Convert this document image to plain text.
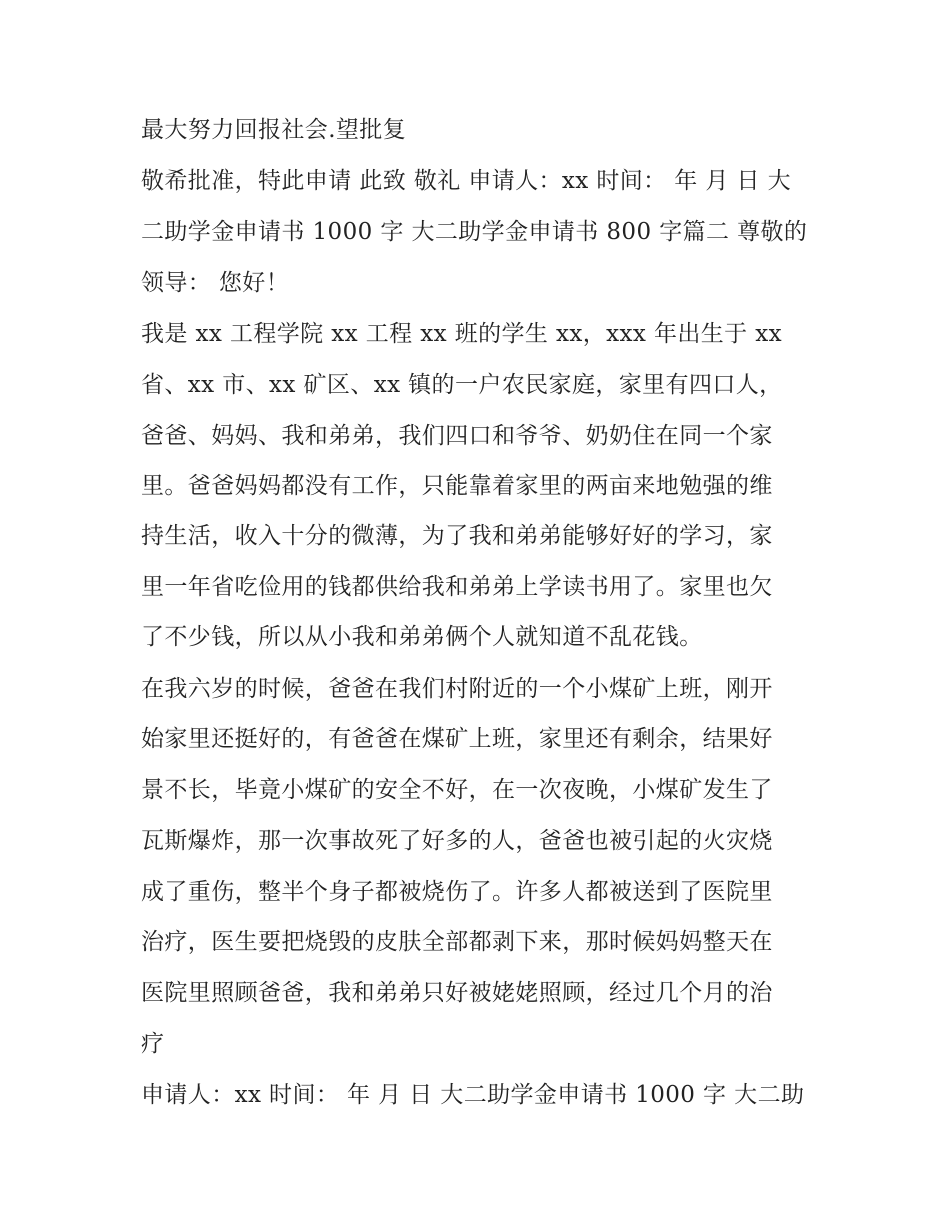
最大努力回报社会.望批复
敬希批准，特此申请 此致 敬礼 申请人：xx 时间： 年 月 日 大
二助学金申请书 1000 字 大二助学金申请书 800 字篇二 尊敬的
领导： 您好！
我是 xx 工程学院 xx 工程 xx 班的学生 xx，xxx 年出生于 xx
省、xx 市、xx 矿区、xx 镇的一户农民家庭，家里有四口人，
爸爸、妈妈、我和弟弟，我们四口和爷爷、奶奶住在同一个家
里。爸爸妈妈都没有工作，只能靠着家里的两亩来地勉强的维
持生活，收入十分的微薄，为了我和弟弟能够好好的学习，家
里一年省吃俭用的钱都供给我和弟弟上学读书用了。家里也欠
了不少钱，所以从小我和弟弟俩个人就知道不乱花钱。
在我六岁的时候，爸爸在我们村附近的一个小煤矿上班，刚开
始家里还挺好的，有爸爸在煤矿上班，家里还有剩余，结果好
景不长，毕竟小煤矿的安全不好，在一次夜晚，小煤矿发生了
瓦斯爆炸，那一次事故死了好多的人，爸爸也被引起的火灾烧
成了重伤，整半个身子都被烧伤了。许多人都被送到了医院里
治疗，医生要把烧毁的皮肤全部都剥下来，那时候妈妈整天在
医院里照顾爸爸，我和弟弟只好被姥姥照顾，经过几个月的治
疗
申请人：xx 时间： 年 月 日 大二助学金申请书 1000 字 大二助
